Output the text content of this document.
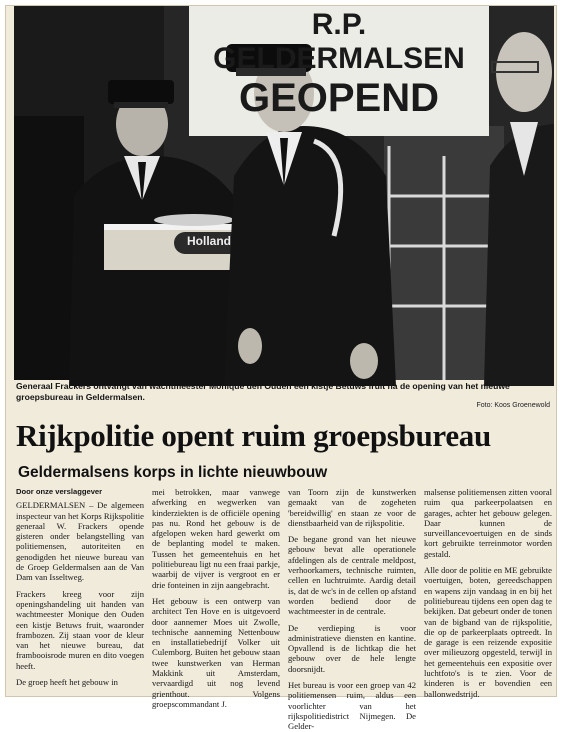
R.P.
GELDERMALSEN
GEOPEND
Holland
Generaal Frackers ontvangt van wachtmeester Monique den Ouden een kistje Betuws fruit na de opening van het nieuwe groepsbureau in Geldermalsen.
Foto: Koos Groenewold
Rijkpolitie opent ruim groepsbureau
Geldermalsens korps in lichte nieuwbouw
Door onze verslaggever

GELDERMALSEN – De algemeen inspecteur van het Korps Rijkspolitie generaal W. Frackers opende gisteren onder belangstelling van politiemensen, autoriteiten en genodigden het nieuwe bureau van de Groep Geldermalsen aan de Van Dam van Isseltweg.

Frackers kreeg voor zijn openingshandeling uit handen van wachtmeester Monique den Ouden een kistje Betuws fruit, waaronder frambozen. Zij staan voor de kleur van het nieuwe bureau, dat frambooisrode muren en dito voegen heeft.

De groep heeft het gebouw in

mei betrokken, maar vanwege afwerking en wegwerken van kinderziekten is de officiële opening pas nu. Rond het gebouw is de afgelopen weken hard gewerkt om de beplanting model te maken. Tussen het gemeentehuis en het politiebureau ligt nu een fraai parkje, waarbij de vijver is vergroot en er drie fonteinen in zijn aangebracht.

Het gebouw is een ontwerp van architect Ten Hove en is uitgevoerd door aannemer Moes uit Zwolle, technische aanneming Nettenbouw en installatiebedrijf Volker uit Culemborg. Buiten het gebouw staan twee kunstwerken van Herman Makkink uit Amsterdam, vervaardigd uit nog levend grienthout. Volgens groepscommandant J.

van Toorn zijn de kunstwerken gemaakt van de zogeheten 'bereidwillig' en staan ze voor de dienstbaarheid van de rijkspolitie.

De begane grond van het nieuwe gebouw bevat alle operationele afdelingen als de centrale meldpost, verhoorkamers, technische ruimten, cellen en luchtruimte. Aardig detail is, dat de wc's in de cellen op afstand worden bediend door de wachtmeester in de centrale.

De verdieping is voor administratieve diensten en kantine. Opvallend is de lichtkap die het gebouw over de hele lengte doorsnijdt.

Het bureau is voor een groep van 42 politiemensen ruim, aldus een voorlichter van het rijkspolitiedistrict Nijmegen. De Gelder-

malsense politiemensen zitten vooral ruim qua parkeerpolaatsen en garages, achter het gebouw gelegen. Daar kunnen de surveillancevoertuigen en de sinds kort gebruikte terreinmotor worden gestald.

Alle door de politie en ME gebruikte voertuigen, boten, gereedschappen en wapens zijn vandaag in en bij het politiebureau tijdens een open dag te bekijken. Dat gebeurt onder de tonen van de bigband van de rijkspolitie, die op de parkeerplaats optreedt. In de garage is een reizende expositie over milieuzorg opgesteld, terwijl in het gemeentehuis een expositie over luchtfoto's is te zien. Voor de kinderen is er bovendien een ballonwedstrijd.
